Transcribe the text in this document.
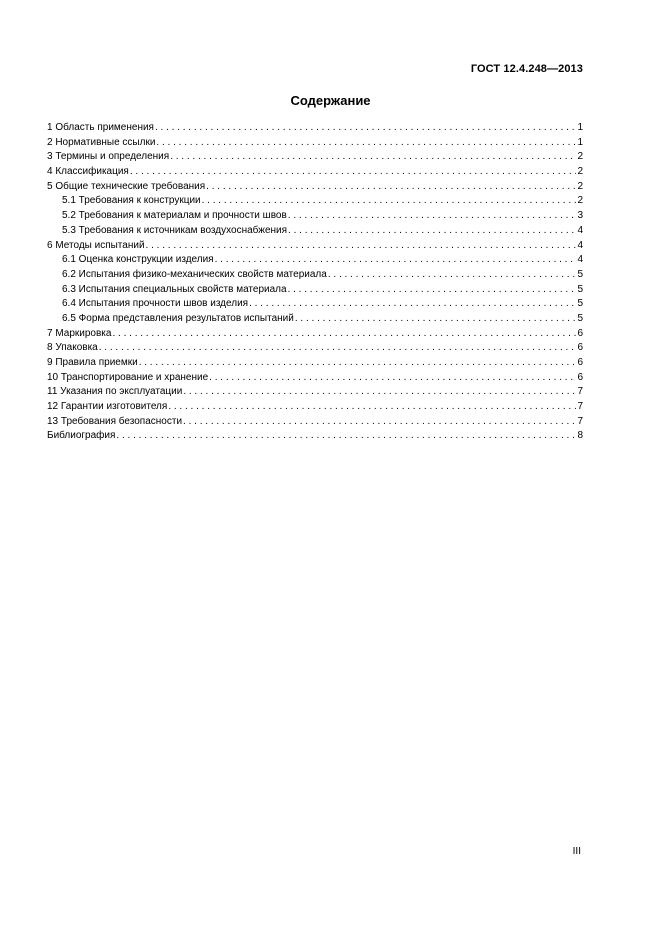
ГОСТ 12.4.248—2013
Содержание
1 Область применения . . .	1
2 Нормативные ссылки . . .	1
3 Термины и определения . . .	2
4 Классификация . . .	2
5 Общие технические требования . . .	2
5.1 Требования к конструкции . . .	2
5.2 Требования к материалам и прочности швов . . .	3
5.3 Требования к источникам воздухоснабжения . . .	4
6 Методы испытаний . . .	4
6.1 Оценка конструкции изделия . . .	4
6.2 Испытания физико-механических свойств материала . . .	5
6.3 Испытания специальных свойств материала . . .	5
6.4 Испытания прочности швов изделия . . .	5
6.5 Форма представления результатов испытаний . . .	5
7 Маркировка . . .	6
8 Упаковка . . .	6
9 Правила приемки . . .	6
10 Транспортирование и хранение . . .	6
11 Указания по эксплуатации . . .	7
12 Гарантии изготовителя . . .	7
13 Требования безопасности . . .	7
Библиография . . .	8
III
